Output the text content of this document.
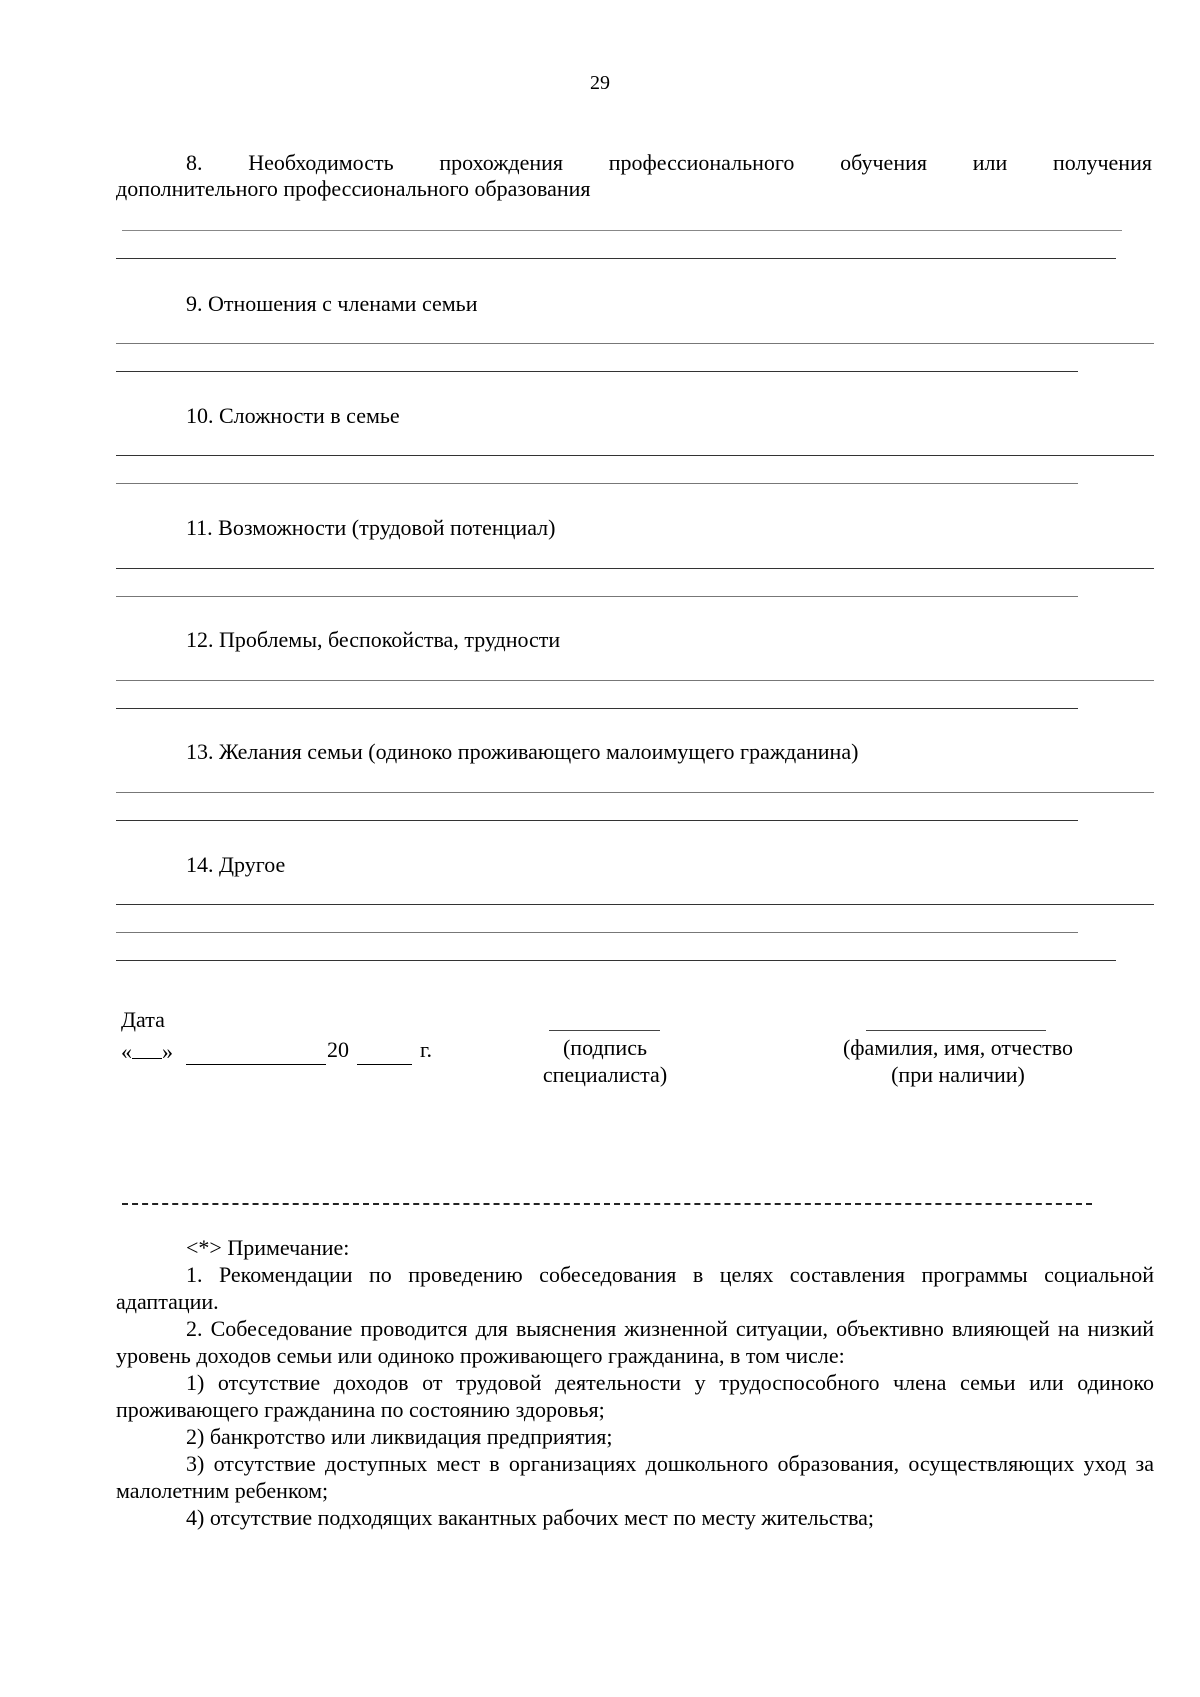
29
8. Необходимость прохождения профессионального обучения или получения
дополнительного профессионального образования
9. Отношения с членами семьи
10. Сложности в семье
11. Возможности (трудовой потенциал)
12. Проблемы, беспокойства, трудности
13. Желания семьи (одиноко проживающего малоимущего гражданина)
14. Другое
Дата
« »	20	г.	(подпись
специалиста)
(фамилия, имя, отчество
(при наличии)
<*> Примечание:
1. Рекомендации по проведению собеседования в целях составления программы социальной адаптации.
2. Собеседование проводится для выяснения жизненной ситуации, объективно влияющей на низкий уровень доходов семьи или одиноко проживающего гражданина, в том числе:
1) отсутствие доходов от трудовой деятельности у трудоспособного члена семьи или одиноко проживающего гражданина по состоянию здоровья;
2) банкротство или ликвидация предприятия;
3) отсутствие доступных мест в организациях дошкольного образования, осуществляющих уход за малолетним ребенком;
4) отсутствие подходящих вакантных рабочих мест по месту жительства;
